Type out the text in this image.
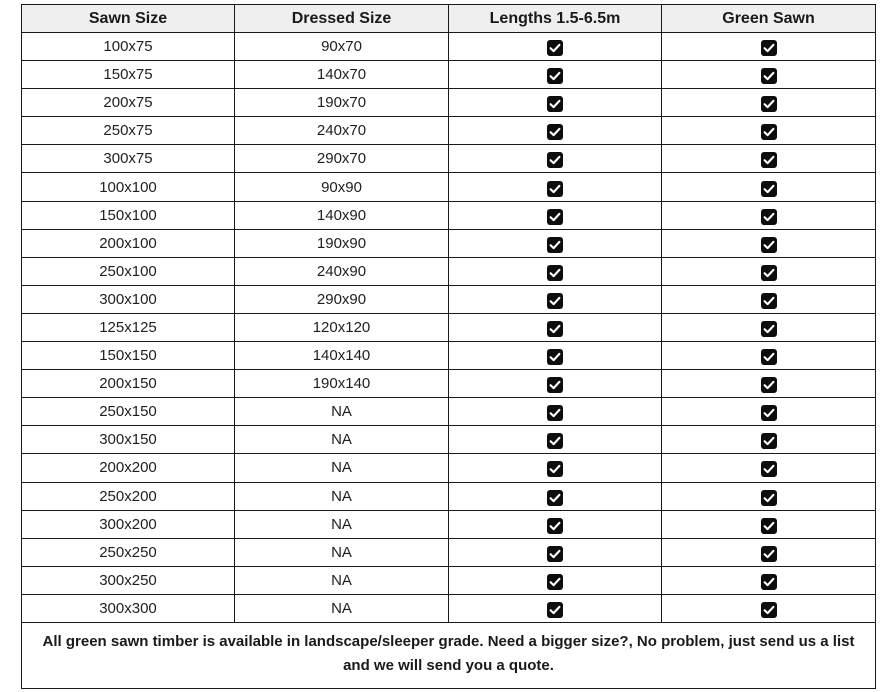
Sawn Size	Dressed Size	Lengths 1.5-6.5m	Green Sawn
100x75	90x70	

150x75	140x70	

200x75	190x70	

250x75	240x70	

300x75	290x70	

100x100	90x90	

150x100	140x90	

200x100	190x90	

250x100	240x90	

300x100	290x90	

125x125	120x120	

150x150	140x140	

200x150	190x140	

250x150	NA	

300x150	NA	

200x200	NA	

250x200	NA	

300x200	NA	

250x250	NA	

300x250	NA	

300x300	NA	

All green sawn timber is available in landscape/sleeper grade. Need a bigger size?, No problem, just send us a list and we will send you a quote.			
